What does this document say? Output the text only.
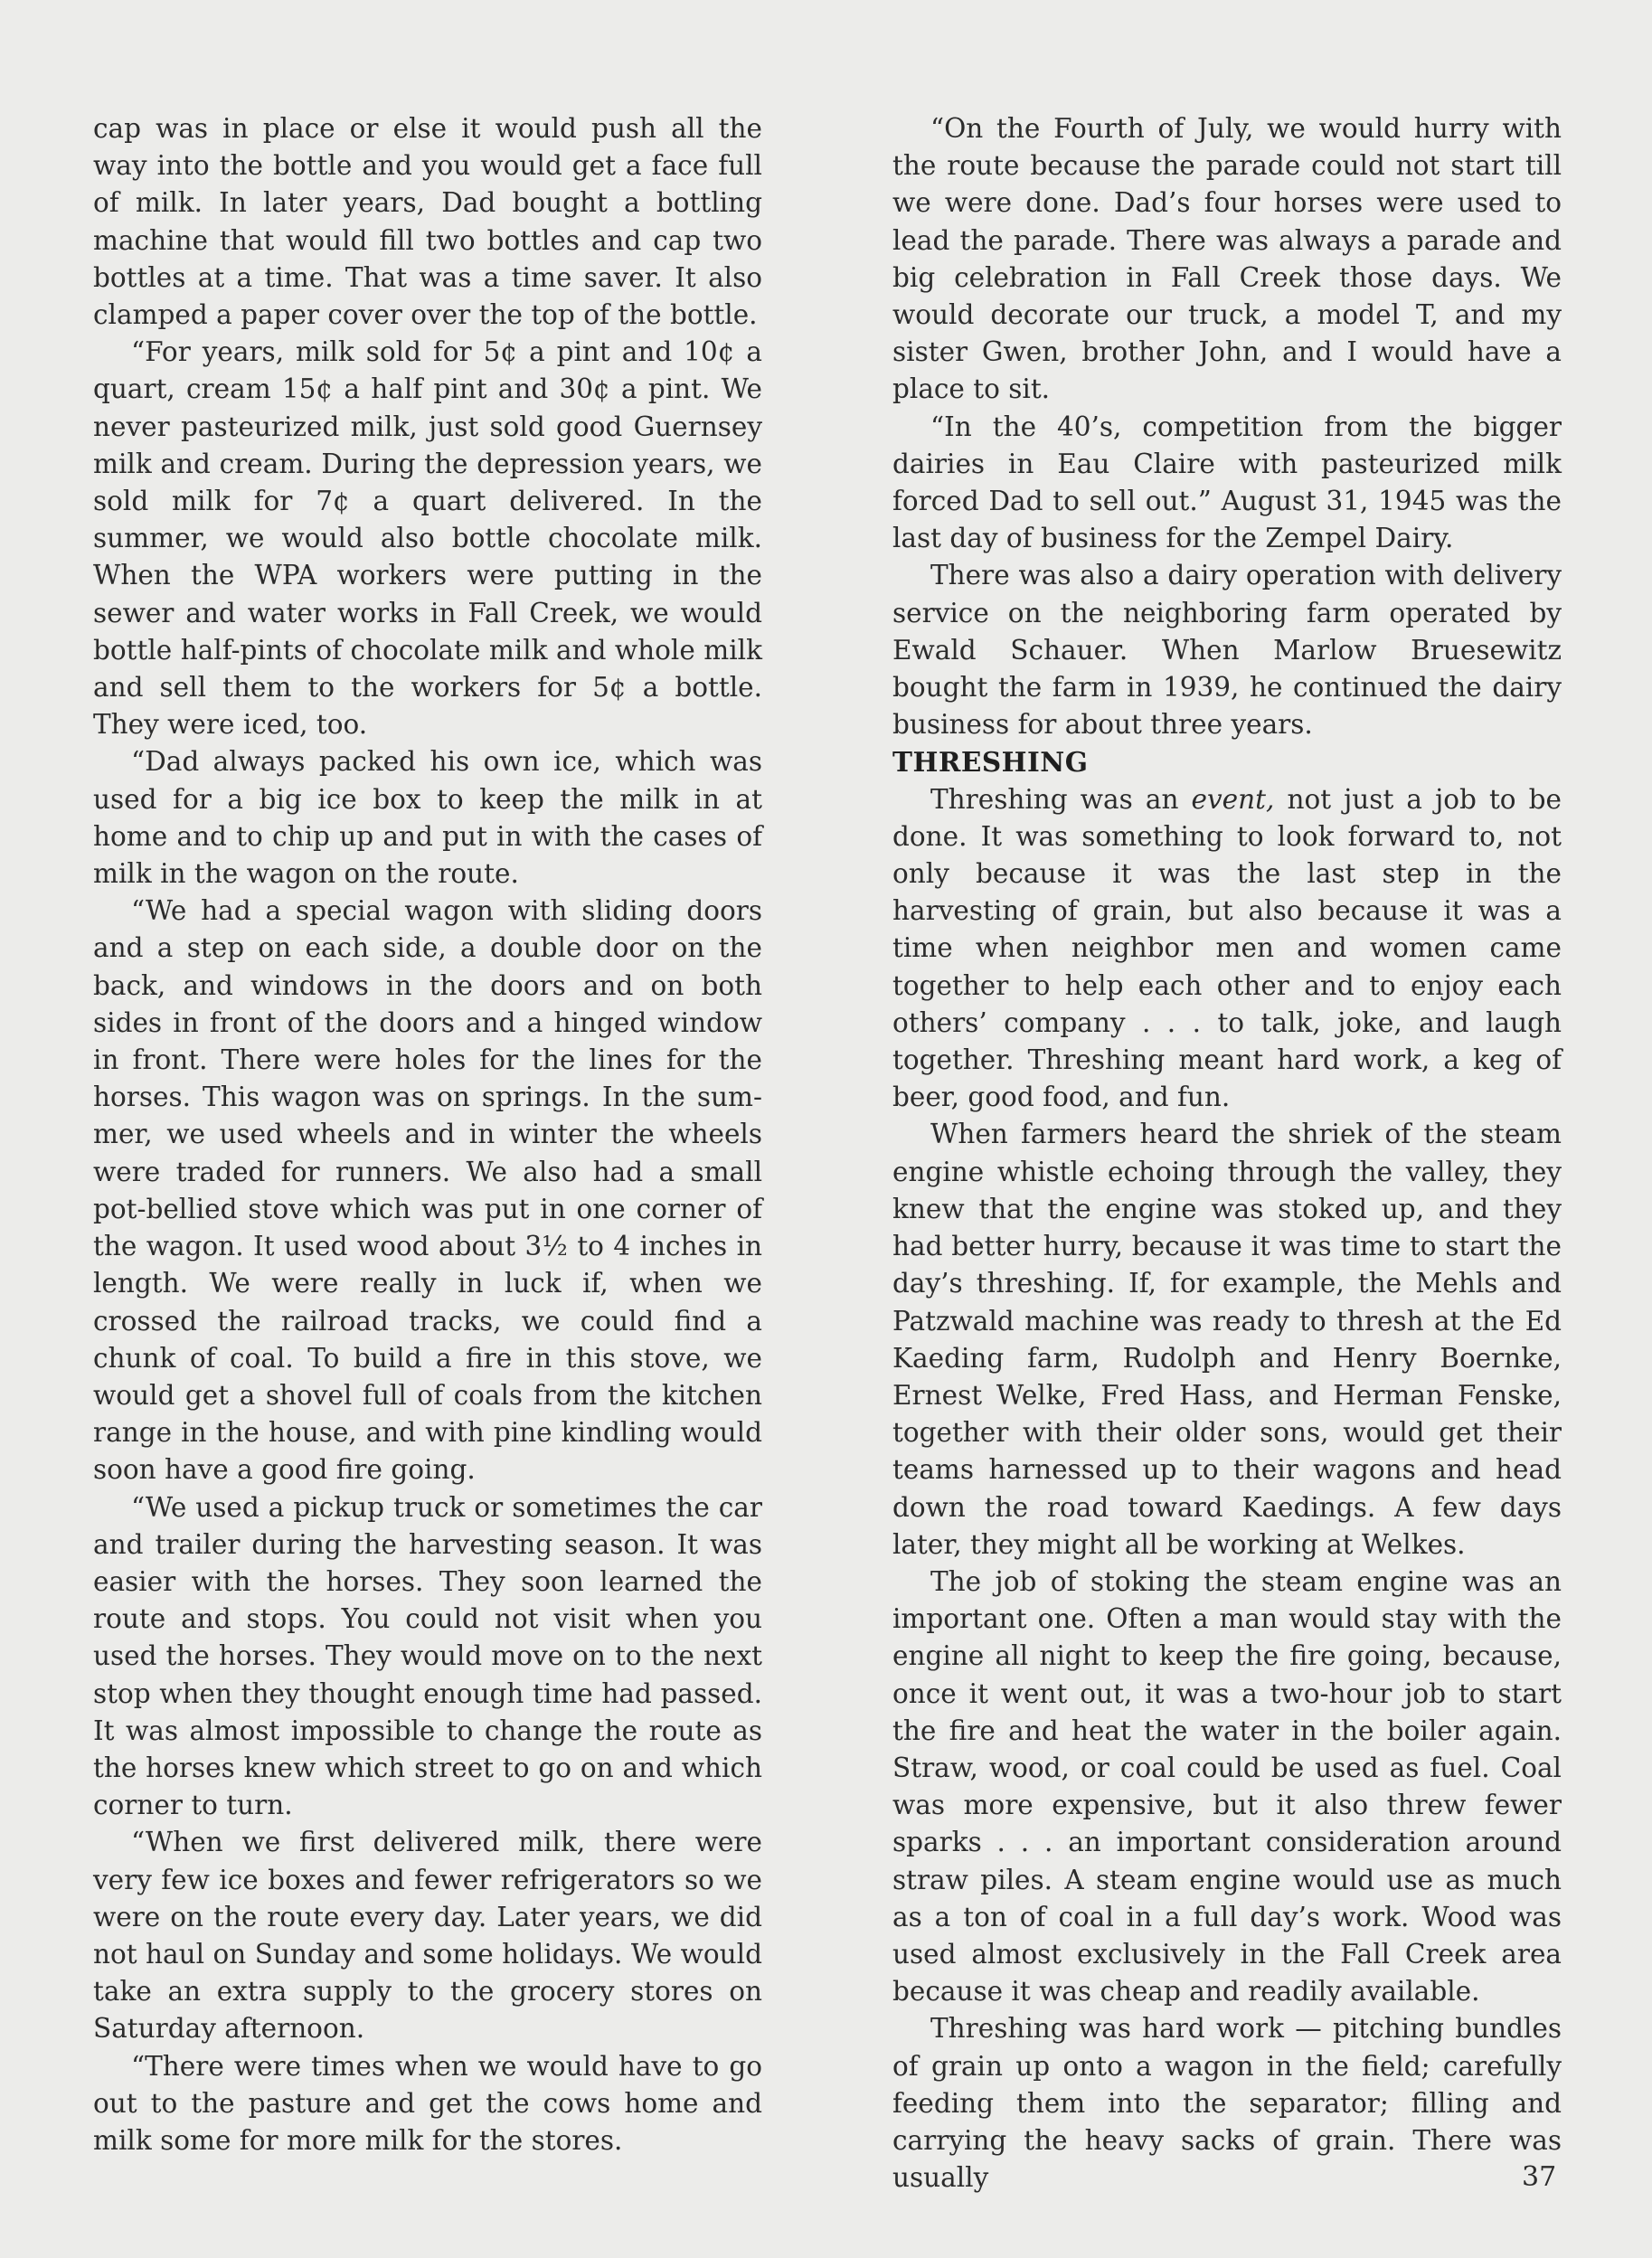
cap was in place or else it would push all the way into the bottle and you would get a face full of milk. In later years, Dad bought a bottling machine that would fill two bottles and cap two bottles at a time. That was a time saver. It also clamped a paper cover over the top of the bottle.

“For years, milk sold for 5¢ a pint and 10¢ a quart, cream 15¢ a half pint and 30¢ a pint. We never pasteurized milk, just sold good Guernsey milk and cream. During the depression years, we sold milk for 7¢ a quart delivered. In the summer, we would also bottle chocolate milk. When the WPA workers were putting in the sewer and water works in Fall Creek, we would bottle half-pints of chocolate milk and whole milk and sell them to the workers for 5¢ a bottle. They were iced, too.

“Dad always packed his own ice, which was used for a big ice box to keep the milk in at home and to chip up and put in with the cases of milk in the wagon on the route.

“We had a special wagon with sliding doors and a step on each side, a double door on the back, and windows in the doors and on both sides in front of the doors and a hinged window in front. There were holes for the lines for the horses. This wagon was on springs. In the summer, we used wheels and in winter the wheels were traded for runners. We also had a small pot-bellied stove which was put in one corner of the wagon. It used wood about 3½ to 4 inches in length. We were really in luck if, when we crossed the railroad tracks, we could find a chunk of coal. To build a fire in this stove, we would get a shovel full of coals from the kitchen range in the house, and with pine kindling would soon have a good fire going.

“We used a pickup truck or sometimes the car and trailer during the harvesting season. It was easier with the horses. They soon learned the route and stops. You could not visit when you used the horses. They would move on to the next stop when they thought enough time had passed. It was almost impossible to change the route as the horses knew which street to go on and which corner to turn.

“When we first delivered milk, there were very few ice boxes and fewer refrigerators so we were on the route every day. Later years, we did not haul on Sunday and some holidays. We would take an extra supply to the grocery stores on Saturday afternoon.

“There were times when we would have to go out to the pasture and get the cows home and milk some for more milk for the stores.

“On the Fourth of July, we would hurry with the route because the parade could not start till we were done. Dad’s four horses were used to lead the parade. There was always a parade and big celebration in Fall Creek those days. We would decorate our truck, a model T, and my sister Gwen, brother John, and I would have a place to sit.

“In the 40’s, competition from the bigger dairies in Eau Claire with pasteurized milk forced Dad to sell out.” August 31, 1945 was the last day of business for the Zempel Dairy.

There was also a dairy operation with delivery service on the neighboring farm operated by Ewald Schauer. When Marlow Bruesewitz bought the farm in 1939, he continued the dairy business for about three years.

THRESHING

Threshing was an event, not just a job to be done. It was something to look forward to, not only because it was the last step in the harvesting of grain, but also because it was a time when neighbor men and women came together to help each other and to enjoy each others’ company . . . to talk, joke, and laugh together. Threshing meant hard work, a keg of beer, good food, and fun.

When farmers heard the shriek of the steam engine whistle echoing through the valley, they knew that the engine was stoked up, and they had better hurry, because it was time to start the day’s threshing. If, for example, the Mehls and Patzwald machine was ready to thresh at the Ed Kaeding farm, Rudolph and Henry Boernke, Ernest Welke, Fred Hass, and Herman Fenske, together with their older sons, would get their teams harnessed up to their wagons and head down the road toward Kaedings. A few days later, they might all be working at Welkes.

The job of stoking the steam engine was an important one. Often a man would stay with the engine all night to keep the fire going, because, once it went out, it was a two-hour job to start the fire and heat the water in the boiler again. Straw, wood, or coal could be used as fuel. Coal was more expensive, but it also threw fewer sparks . . . an important consideration around straw piles. A steam engine would use as much as a ton of coal in a full day’s work. Wood was used almost exclusively in the Fall Creek area because it was cheap and readily available.

Threshing was hard work — pitching bundles of grain up onto a wagon in the field; carefully feeding them into the separator; filling and carrying the heavy sacks of grain. There was usually	37
